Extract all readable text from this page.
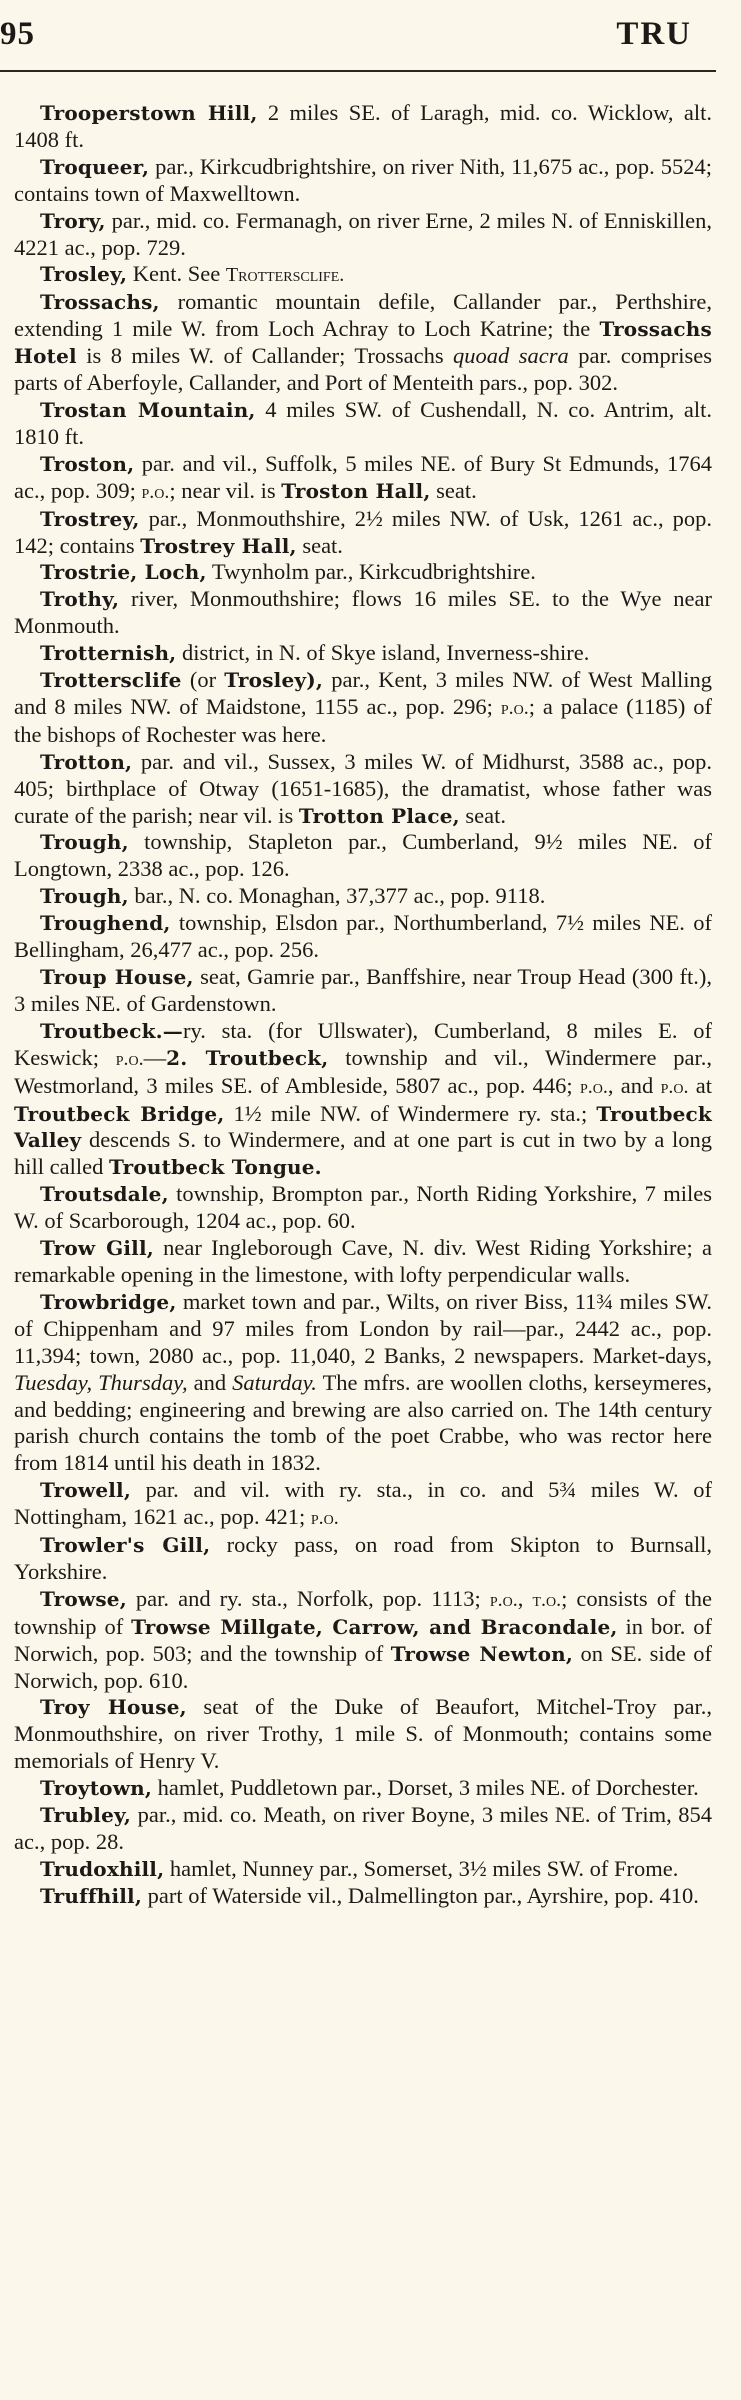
95	TRU

Trooperstown Hill, 2 miles SE. of Laragh, mid. co. Wicklow, alt. 1408 ft.

Troqueer, par., Kirkcudbrightshire, on river Nith, 11,675 ac., pop. 5524; contains town of Maxwelltown.

Trory, par., mid. co. Fermanagh, on river Erne, 2 miles N. of Enniskillen, 4221 ac., pop. 729.

Trosley, Kent. See Trottersclife.

Trossachs, romantic mountain defile, Callander par., Perthshire, extending 1 mile W. from Loch Achray to Loch Katrine; the Trossachs Hotel is 8 miles W. of Callander; Trossachs quoad sacra par. comprises parts of Aberfoyle, Callander, and Port of Menteith pars., pop. 302.

Trostan Mountain, 4 miles SW. of Cushendall, N. co. Antrim, alt. 1810 ft.

Troston, par. and vil., Suffolk, 5 miles NE. of Bury St Edmunds, 1764 ac., pop. 309; p.o.; near vil. is Troston Hall, seat.

Trostrey, par., Monmouthshire, 2½ miles NW. of Usk, 1261 ac., pop. 142; contains Trostrey Hall, seat.

Trostrie, Loch, Twynholm par., Kirkcudbrightshire.

Trothy, river, Monmouthshire; flows 16 miles SE. to the Wye near Monmouth.

Trotternish, district, in N. of Skye island, Inverness-shire.

Trottersclife (or Trosley), par., Kent, 3 miles NW. of West Malling and 8 miles NW. of Maidstone, 1155 ac., pop. 296; p.o.; a palace (1185) of the bishops of Rochester was here.

Trotton, par. and vil., Sussex, 3 miles W. of Midhurst, 3588 ac., pop. 405; birthplace of Otway (1651-1685), the dramatist, whose father was curate of the parish; near vil. is Trotton Place, seat.

Trough, township, Stapleton par., Cumberland, 9½ miles NE. of Longtown, 2338 ac., pop. 126.

Trough, bar., N. co. Monaghan, 37,377 ac., pop. 9118.

Troughend, township, Elsdon par., Northumberland, 7½ miles NE. of Bellingham, 26,477 ac., pop. 256.

Troup House, seat, Gamrie par., Banffshire, near Troup Head (300 ft.), 3 miles NE. of Gardenstown.

Troutbeck.—ry. sta. (for Ullswater), Cumberland, 8 miles E. of Keswick; p.o.—2. Troutbeck, township and vil., Windermere par., Westmorland, 3 miles SE. of Ambleside, 5807 ac., pop. 446; p.o., and p.o. at Troutbeck Bridge, 1½ mile NW. of Windermere ry. sta.; Troutbeck Valley descends S. to Windermere, and at one part is cut in two by a long hill called Troutbeck Tongue.

Troutsdale, township, Brompton par., North Riding Yorkshire, 7 miles W. of Scarborough, 1204 ac., pop. 60.

Trow Gill, near Ingleborough Cave, N. div. West Riding Yorkshire; a remarkable opening in the limestone, with lofty perpendicular walls.

Trowbridge, market town and par., Wilts, on river Biss, 11¾ miles SW. of Chippenham and 97 miles from London by rail—par., 2442 ac., pop. 11,394; town, 2080 ac., pop. 11,040, 2 Banks, 2 newspapers. Market-days, Tuesday, Thursday, and Saturday. The mfrs. are woollen cloths, kerseymeres, and bedding; engineering and brewing are also carried on. The 14th century parish church contains the tomb of the poet Crabbe, who was rector here from 1814 until his death in 1832.

Trowell, par. and vil. with ry. sta., in co. and 5¾ miles W. of Nottingham, 1621 ac., pop. 421; p.o.

Trowler's Gill, rocky pass, on road from Skipton to Burnsall, Yorkshire.

Trowse, par. and ry. sta., Norfolk, pop. 1113; p.o., t.o.; consists of the township of Trowse Millgate, Carrow, and Bracondale, in bor. of Norwich, pop. 503; and the township of Trowse Newton, on SE. side of Norwich, pop. 610.

Troy House, seat of the Duke of Beaufort, Mitchel-Troy par., Monmouthshire, on river Trothy, 1 mile S. of Monmouth; contains some memorials of Henry V.

Troytown, hamlet, Puddletown par., Dorset, 3 miles NE. of Dorchester.

Trubley, par., mid. co. Meath, on river Boyne, 3 miles NE. of Trim, 854 ac., pop. 28.

Trudoxhill, hamlet, Nunney par., Somerset, 3½ miles SW. of Frome.

Truffhill, part of Waterside vil., Dalmellington par., Ayrshire, pop. 410.
